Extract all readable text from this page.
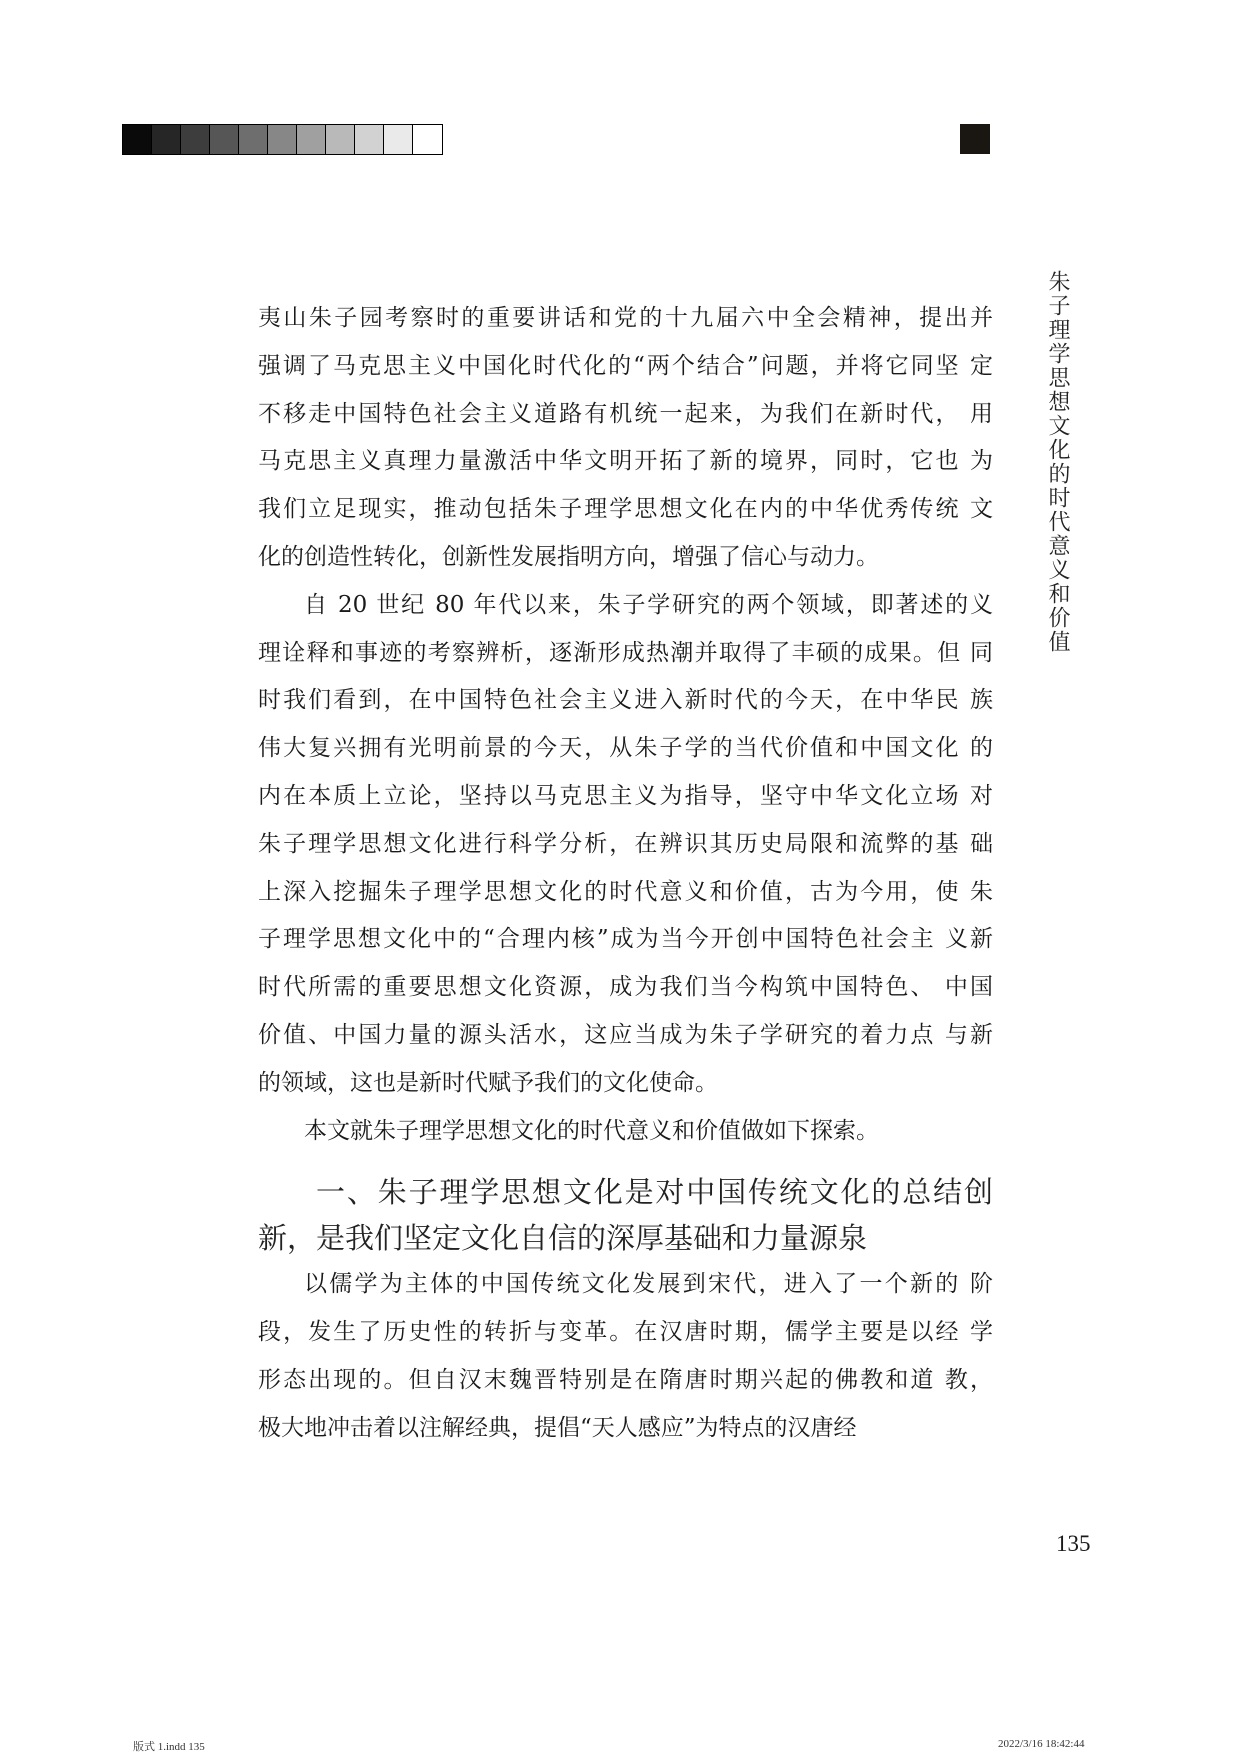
朱子理学思想文化的时代意义和价值

夷山朱子园考察时的重要讲话和党的十九届六中全会精神，提出并

强调了马克思主义中国化时代化的“两个结合”问题，并将它同坚 定

不移走中国特色社会主义道路有机统一起来，为我们在新时代， 用

马克思主义真理力量激活中华文明开拓了新的境界，同时，它也 为

我们立足现实，推动包括朱子理学思想文化在内的中华优秀传统 文

化的创造性转化，创新性发展指明方向，增强了信心与动力。

自 20 世纪 80 年代以来，朱子学研究的两个领域，即著述的义

理诠释和事迹的考察辨析，逐渐形成热潮并取得了丰硕的成果。但 同

时我们看到，在中国特色社会主义进入新时代的今天，在中华民 族

伟大复兴拥有光明前景的今天，从朱子学的当代价值和中国文化 的

内在本质上立论，坚持以马克思主义为指导，坚守中华文化立场 对

朱子理学思想文化进行科学分析，在辨识其历史局限和流弊的基 础

上深入挖掘朱子理学思想文化的时代意义和价值，古为今用，使 朱

子理学思想文化中的“合理内核”成为当今开创中国特色社会主 义新

时代所需的重要思想文化资源，成为我们当今构筑中国特色、 中国

价值、中国力量的源头活水，这应当成为朱子学研究的着力点 与新

的领域，这也是新时代赋予我们的文化使命。

本文就朱子理学思想文化的时代意义和价值做如下探索。

一、朱子理学思想文化是对中国传统文化的总结创
新，是我们坚定文化自信的深厚基础和力量源泉

以儒学为主体的中国传统文化发展到宋代，进入了一个新的 阶

段，发生了历史性的转折与变革。在汉唐时期，儒学主要是以经 学

形态出现的。但自汉末魏晋特别是在隋唐时期兴起的佛教和道 教，

极大地冲击着以注解经典，提倡“天人感应”为特点的汉唐经

135
版式 1.indd 135	2022/3/16 18:42:44
